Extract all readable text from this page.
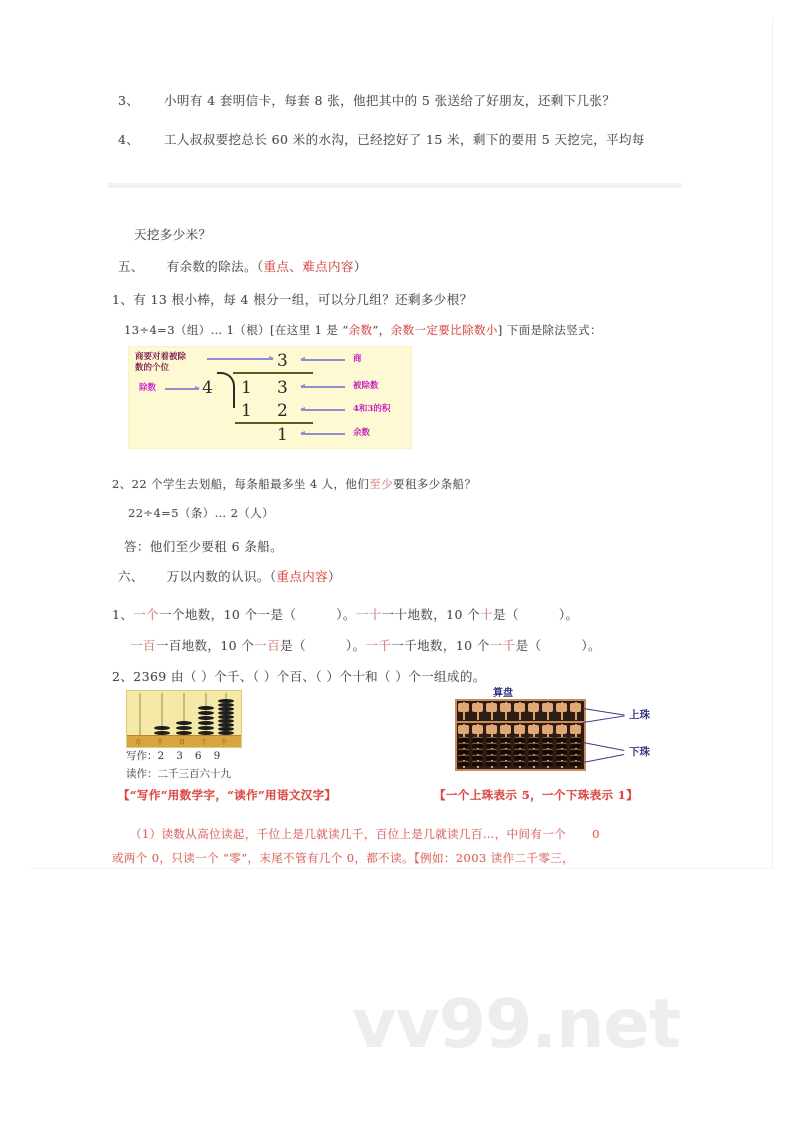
3、 小明有 4 套明信卡，每套 8 张，他把其中的 5 张送给了好朋友，还剩下几张？
4、 工人叔叔要挖总长 60 米的水沟，已经挖好了 15 米，剩下的要用 5 天挖完，平均每
天挖多少米？
五、 有余数的除法。（重点、难点内容）
1、有 13 根小棒，每 4 根分一组，可以分几组？还剩多少根？
13÷4=3（组）… 1（根）[在这里 1 是 “余数”，余数一定要比除数小] 下面是除法竖式：
商要对着被除
数的个位
除数
3
4 1 3
1 2
1
商
被除数
4和3的积
余数
2、22 个学生去划船，每条船最多坐 4 人，他们至少要租多少条船？
22÷4=5（条）… 2（人）
答：他们至少要租 6 条船。
六、 万以内数的认识。（重点内容）
1、一个一个地数，10 个一是（	）。一十一十地数，10 个十是（	）。
一百一百地数，10 个一百是（	）。一千一千地数，10 个一千是（	）。
2、2369 由（ ）个千、（ ）个百、（ ）个十和（ ）个一组成的。
万	千	百	十 个
写作：2 3 6 9
读作：二千三百六十九
算盘
上珠
下珠
【“写作”用数学字，“读作”用语文汉字】	【一个上珠表示 5，一个下珠表示 1】
（1）读数从高位读起，千位上是几就读几千，百位上是几就读几百…，中间有一个 0
或两个 0，只读一个 “零”，末尾不管有几个 0，都不读。【例如：2003 读作二千零三，
vv99.net
